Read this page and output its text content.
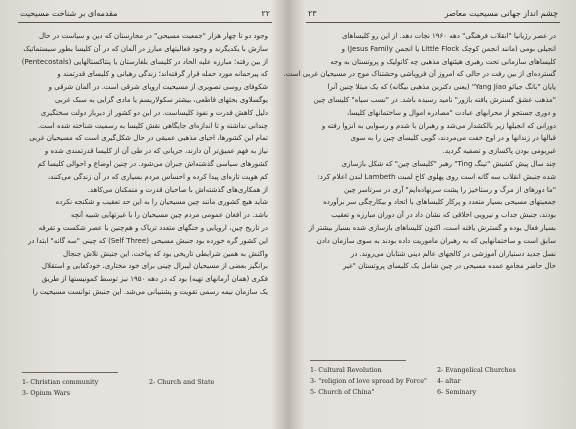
۲۲
مقدمه‌ای بر شناخت مسیحیت
وجود دو تا چهار هزار "جمعیت مسیحی" در مجارستان که دین و سیاست در حال
سازش با یکدیگرند و وجود فعالیتهای مبارز در آلمان که در آن کلیسا بطور سیستماتیک
از بین رفته؛ مبارزه علیه الحاد در کلیسای بلغارستان یا پنتاکستالهایی (Pentecostals)
که پیرحمانه مورد حمله قرار گرفته‌اند؛ زندگی رهبانی و کلیسای قدرتمند و
شکوفای روسی تصویری از مسیحیت اروپای شرقی است. در آلمان شرقی و
یوگسلاوی بحثهای قاطعی، بیشتر سکولاریسم یا مادی گرایی به سبک غربی
دلیل کاهش قدرت و نفوذ کلیساست. در این دو کشور از دیرباز دولت سختگیری
چندانی نداشته و تا اندازه‌ای جایگاهی نقش کلیسا به رسمیت شناخته شده است.
تمام این کشور‌ها، احیای مذهبی عمیقی در حال شکل‌گیری است که مسیحیان غربی
نیاز به فهم عمیق‌تر آن دارند، جریانی که در طی آن از کلیسا قدرتمندی شده و
کشورهای سیاسی گذشته‌اش جبران می‌شود. در چنین اوضاع و احوالی کلیسا کم
کم هویت تازه‌ای پیدا کرده و احساس مردم بسیاری که در آن زندگی می‌کنند،
از همکاری‌های گذشته‌اش با صاحبان قدرت و متمکنان می‌کاهد.
شاید هیچ کشوری مانند چین مسیحیان را به این حد تعقیب و شکنجه نکرده
باشد. در افغان عمومی مردم چین مسیحیان را با غیرتهایی شبیه آنچه
در تاریخ چین، اروپایی و جنگهای متعدد تریاک و هم‌چنین با عصر شکست و تفرقه
این کشور گره خورده بود جنبش مسیحی (Self Three) که چینی "سه گانه" ابتدا در
واکنش به همین شرایطی تاریخی بود که پیاخت، این جنبش تلاش جنجال
برانگیز بعضی از مسیحیان لیبرال چینی برای خود مختاری، خودکفایی و استقلال
فکری (همان آرمانهای تهیه) بود که در دهه ۱۹۵۰ نیز توسط کمونیستها از طریق
یک سازمان نیمه رسمی تقویت و پشتیبانی می‌شد. این جنبش توانست مسیحیت را
1- Christian community	2- Church and State
3- Opium Wars
۲۳	چشم انداز جهانی مسیحیت معاصر
در عصر رژیانیا "انقلاب فرهنگی" دهه ۱۹۶۰ نجات دهد. از این رو کلیساهای
انجیلی بومی (مانند انجمن کوچک Little Flock یا انجمن Jesus Family) و
کلیساهای سازمانی تحت رهبری هیئتهای مذهبی چه کاتولیک و پروتستان به وجه
گسترده‌ای از بین رفت در حالی که امروز آن فروپاشی وحشتناک موج در مسیحیان غربی است.
پایان "بانگ جیائو Yang Jiao" (یعنی دکترین مذهبی بیگانه) که یک مبتلا چنین آنرا
"مذهب عشق گسترش یافته بازور" نامید رسیده باشد. در "نسب سیاه" کلیسای چین
و دوری جستجو از محرابهای عبادت "مصادره اموال و ساختمانهای کلیسا،
دورانی که انجیلها زیر بالکشدار می‌شد و رهبران با شدم و رسوایی به انزوا رفته و
قبالها در زندانها و در اوج خفت می‌مردند، گویی کلیسای چین را به سوی
غیربومی بودن پاکسازی و تصفیه گردید.
چند سال پیش کشیش "تینگ Ting" رهبر "کلیسای چین" که شکل بازسازی
شده جنبش انقلاب سه گانه است روی پهلوی کاخ لمبت Lambeth لندن اعلام کرد:
"ما دورهای از مرگ و رستاخیز را پشت سرنهاده‌ایم" آری در سرتاسر چین
جمعیتهای مسیحی بسیار متعدد و پرکار کلیساهای با اتحاد و بیکارچگی سر برآورده
بودند، جنبش جداب و نیرویی اخلاقی که نشان داد در آن دوران مبارزه و تعقیب
بسیار فعال بوده و گسترش یافته است، اکنون کلیساهای بازسازی شده بسیار بیشتر از
سابق است و ساختمانهایی که به رهبران ماموریت داده بودند به سوی سازمان دادن
نسل جدید دستیاران آموزشی در کالجهای عالم دینی شتابان می‌روند. در
حال حاضر مجامع عمده مسیحی در چین شامل یک کلیسای پروتستان "غیر
1- Cultural Revolution	2- Evangelical Churches
3- "religion of love spread by Force"	4- altar
5- Church of China"	6- Seminary
